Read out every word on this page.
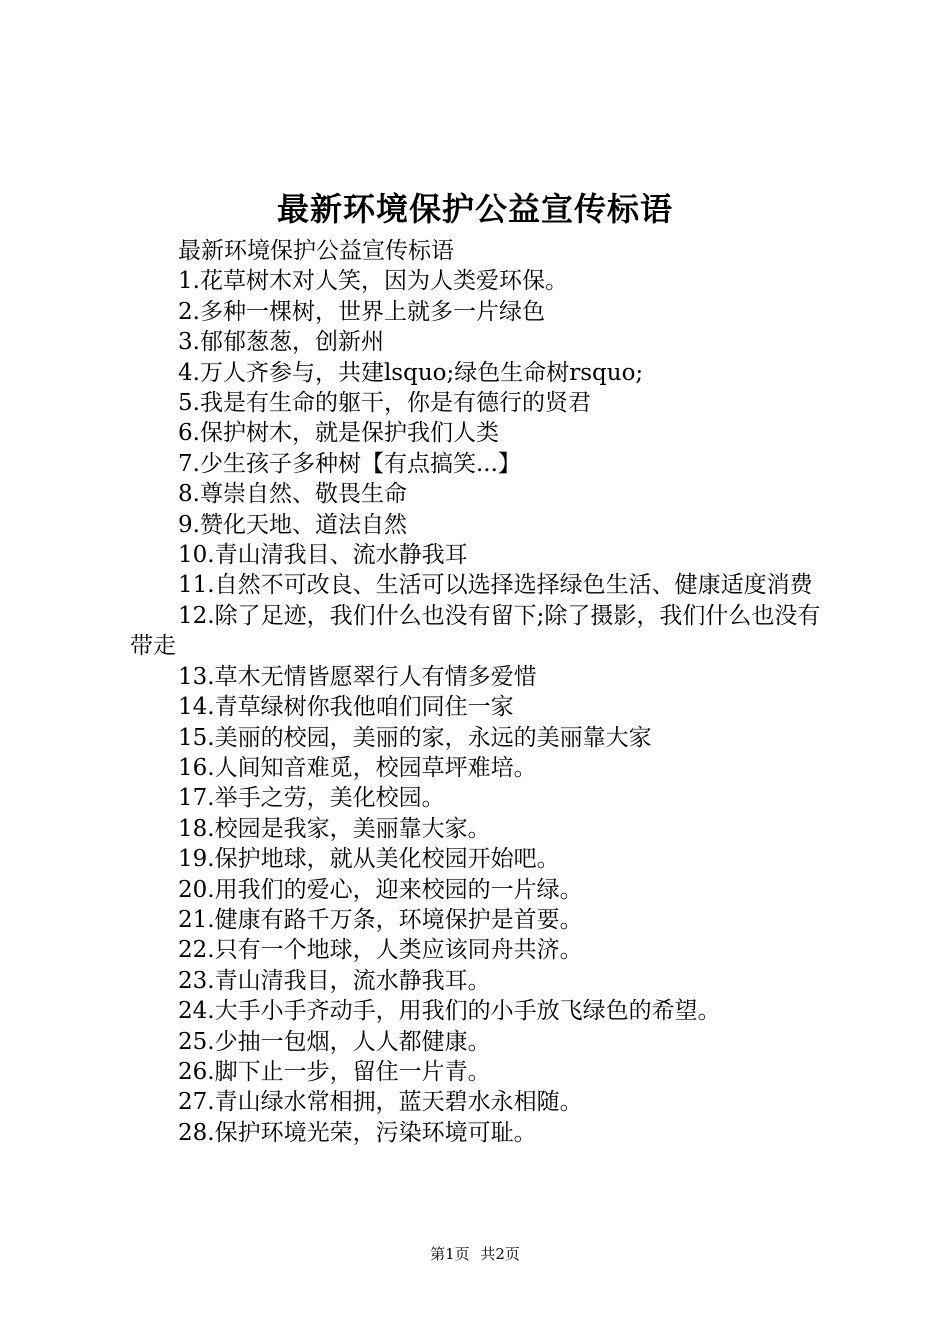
最新环境保护公益宣传标语

最新环境保护公益宣传标语

1.花草树木对人笑，因为人类爱环保。

2.多种一棵树，世界上就多一片绿色

3.郁郁葱葱，创新州

4.万人齐参与，共建lsquo;绿色生命树rsquo;

5.我是有生命的躯干，你是有德行的贤君

6.保护树木，就是保护我们人类

7.少生孩子多种树【有点搞笑...】

8.尊崇自然、敬畏生命

9.赞化天地、道法自然

10.青山清我目、流水静我耳

11.自然不可改良、生活可以选择选择绿色生活、健康适度消费

12.除了足迹，我们什么也没有留下;除了摄影，我们什么也没有带走

13.草木无情皆愿翠行人有情多爱惜

14.青草绿树你我他咱们同住一家

15.美丽的校园，美丽的家，永远的美丽靠大家

16.人间知音难觅，校园草坪难培。

17.举手之劳，美化校园。

18.校园是我家，美丽靠大家。

19.保护地球，就从美化校园开始吧。

20.用我们的爱心，迎来校园的一片绿。

21.健康有路千万条，环境保护是首要。

22.只有一个地球，人类应该同舟共济。

23.青山清我目，流水静我耳。

24.大手小手齐动手，用我们的小手放飞绿色的希望。

25.少抽一包烟，人人都健康。

26.脚下止一步，留住一片青。

27.青山绿水常相拥，蓝天碧水永相随。

28.保护环境光荣，污染环境可耻。

第1页 共2页
